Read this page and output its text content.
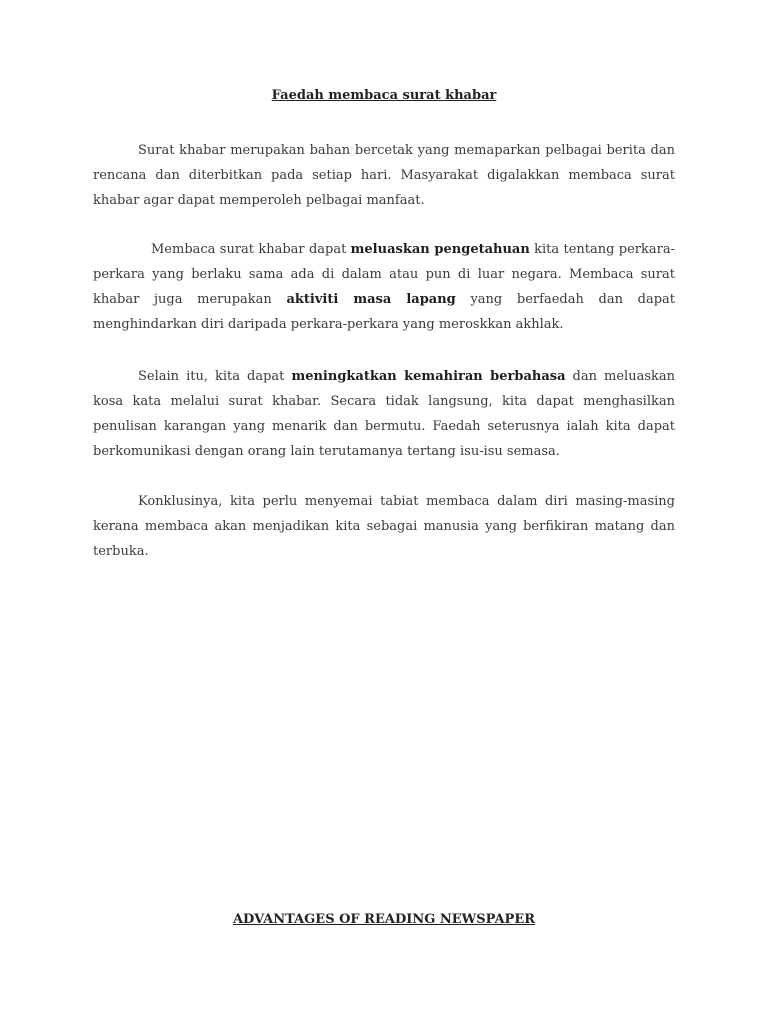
Faedah membaca surat khabar

Surat khabar merupakan bahan bercetak yang memaparkan pelbagai berita dan rencana dan diterbitkan pada setiap hari. Masyarakat digalakkan membaca surat khabar agar dapat memperoleh pelbagai manfaat.

Membaca surat khabar dapat meluaskan pengetahuan kita tentang perkara-perkara yang berlaku sama ada di dalam atau pun di luar negara. Membaca surat khabar juga merupakan aktiviti masa lapang yang berfaedah dan dapat menghindarkan diri daripada perkara-perkara yang meroskkan akhlak.

Selain itu, kita dapat meningkatkan kemahiran berbahasa dan meluaskan kosa kata melalui surat khabar. Secara tidak langsung, kita dapat menghasilkan penulisan karangan yang menarik dan bermutu. Faedah seterusnya ialah kita dapat berkomunikasi dengan orang lain terutamanya tertang isu-isu semasa.

Konklusinya, kita perlu menyemai tabiat membaca dalam diri masing-masing kerana membaca akan menjadikan kita sebagai manusia yang berfikiran matang dan terbuka.

ADVANTAGES OF READING NEWSPAPER
